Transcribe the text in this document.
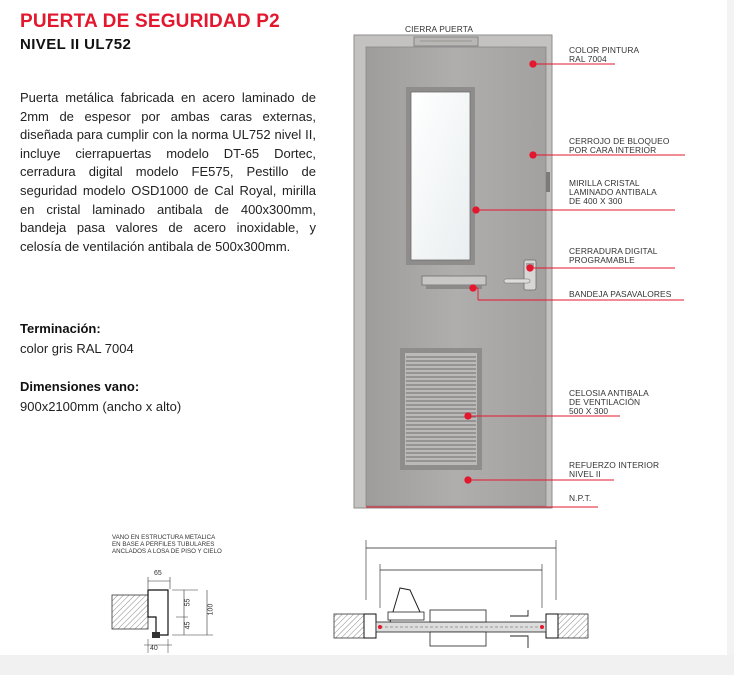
PUERTA DE SEGURIDAD P2
NIVEL II UL752

Puerta metálica fabricada en acero laminado de 2mm de espesor por ambas caras externas, diseñada para cumplir con la norma UL752 nivel II, incluye cierrapuertas modelo DT-65 Dortec, cerradura digital modelo FE575, Pestillo de seguridad modelo OSD1000 de Cal Royal, mirilla en cristal laminado antibala de 400x300mm, bandeja pasa valores de acero inoxidable, y celosía de ventilación antibala de 500x300mm.

Terminación:
color gris RAL 7004
Dimensiones vano:
900x2100mm (ancho x alto)
CIERRA PUERTA
COLOR PINTURA
RAL 7004
CERROJO DE BLOQUEO
POR CARA INTERIOR
MIRILLA CRISTAL
LAMINADO ANTIBALA
DE 400 X 300
CERRADURA DIGITAL
PROGRAMABLE
BANDEJA PASAVALORES
CELOSIA ANTIBALA
DE VENTILACIÓN
500 X 300
REFUERZO INTERIOR
NIVEL II
N.P.T.
VANO EN ESTRUCTURA METALICA
EN BASE A PERFILES TUBULARES
ANCLADOS A LOSA DE PISO Y CIELO
65
55
45
100
40
